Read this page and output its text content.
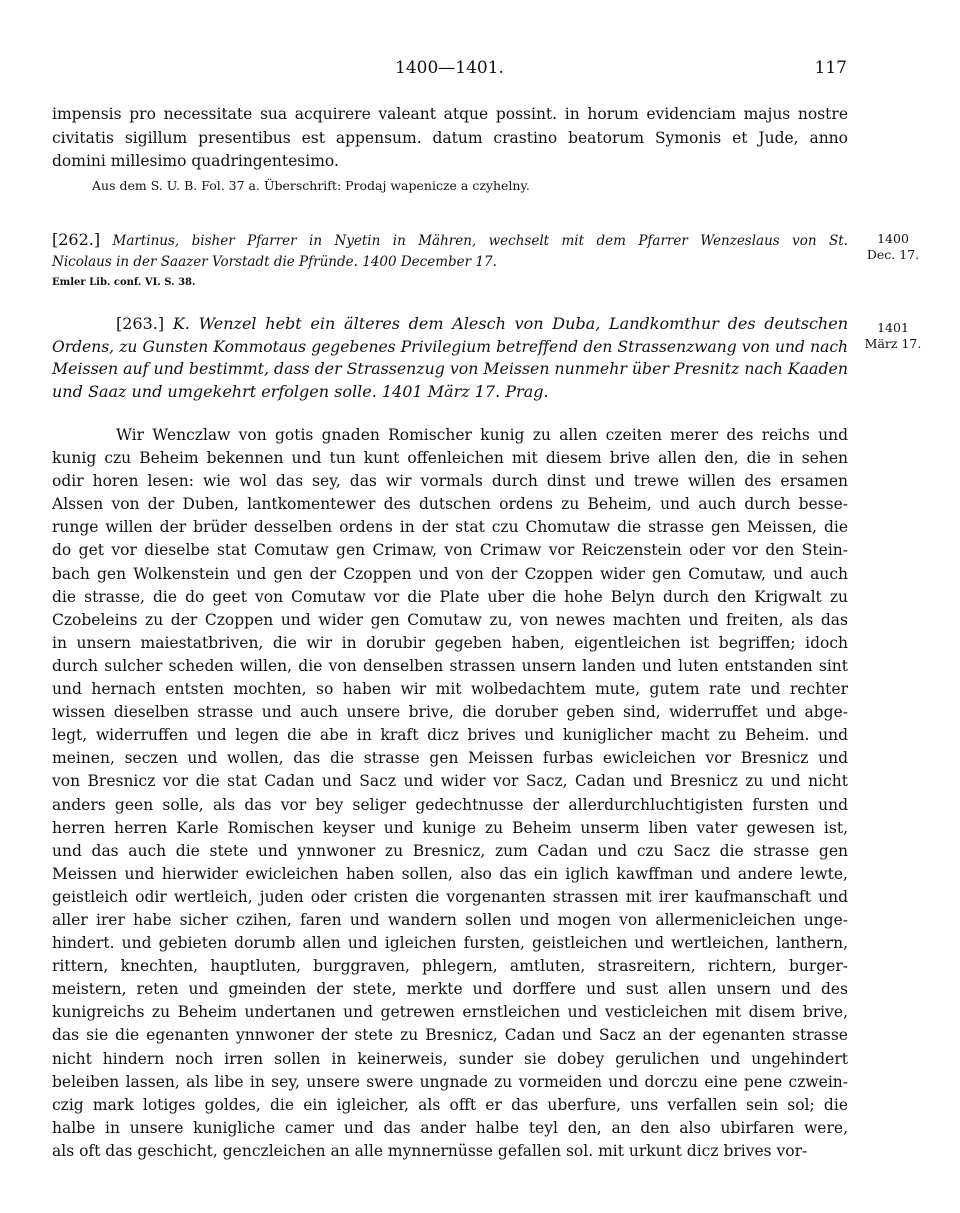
1400—1401.	117
impensis pro necessitate sua acquirere valeant atque possint. in horum evidenciam majus nostre
civitatis sigillum presentibus est appensum. datum crastino beatorum Symonis et Jude, anno
domini millesimo quadringentesimo.
Aus dem S. U. B. Fol. 37 a. Überschrift: Prodaj wapenicze a czyhelny.
[262.] Martinus, bisher Pfarrer in Nyetin in Mähren, wechselt mit dem Pfarrer Wenzeslaus von St.
Nicolaus in der Saazer Vorstadt die Pfründe. 1400 December 17.
1400
Dec. 17.
Emler Lib. conf. VI. S. 38.
[263.] K. Wenzel hebt ein älteres dem Alesch von Duba, Landkomthur des deutschen
Ordens, zu Gunsten Kommotaus gegebenes Privilegium betreffend den Strassenzwang von und nach
Meissen auf und bestimmt, dass der Strassenzug von Meissen nunmehr über Presnitz nach Kaaden
und Saaz und umgekehrt erfolgen solle. 1401 März 17. Prag.
1401
März 17.
Wir Wenczlaw von gotis gnaden Romischer kunig zu allen czeiten merer des reichs und
kunig czu Beheim bekennen und tun kunt offenleichen mit diesem brive allen den, die in sehen
odir horen lesen: wie wol das sey, das wir vormals durch dinst und trewe willen des ersamen
Alssen von der Duben, lantkomentewer des dutschen ordens zu Beheim, und auch durch besse-
runge willen der brüder desselben ordens in der stat czu Chomutaw die strasse gen Meissen, die
do get vor dieselbe stat Comutaw gen Crimaw, von Crimaw vor Reiczenstein oder vor den Stein-
bach gen Wolkenstein und gen der Czoppen und von der Czoppen wider gen Comutaw, und auch
die strasse, die do geet von Comutaw vor die Plate uber die hohe Belyn durch den Krigwalt zu
Czobeleins zu der Czoppen und wider gen Comutaw zu, von newes machten und freiten, als das
in unsern maiestatbriven, die wir in dorubir gegeben haben, eigentleichen ist begriffen; idoch
durch sulcher scheden willen, die von denselben strassen unsern landen und luten entstanden sint
und hernach entsten mochten, so haben wir mit wolbedachtem mute, gutem rate und rechter
wissen dieselben strasse und auch unsere brive, die doruber geben sind, widerruffet und abge-
legt, widerruffen und legen die abe in kraft dicz brives und kuniglicher macht zu Beheim. und
meinen, seczen und wollen, das die strasse gen Meissen furbas ewicleichen vor Bresnicz und
von Bresnicz vor die stat Cadan und Sacz und wider vor Sacz, Cadan und Bresnicz zu und nicht
anders geen solle, als das vor bey seliger gedechtnusse der allerdurchluchtigisten fursten und
herren herren Karle Romischen keyser und kunige zu Beheim unserm liben vater gewesen ist,
und das auch die stete und ynnwoner zu Bresnicz, zum Cadan und czu Sacz die strasse gen
Meissen und hierwider ewicleichen haben sollen, also das ein iglich kawffman und andere lewte,
geistleich odir wertleich, juden oder cristen die vorgenanten strassen mit irer kaufmanschaft und
aller irer habe sicher czihen, faren und wandern sollen und mogen von allermenicleichen unge-
hindert. und gebieten dorumb allen und igleichen fursten, geistleichen und wertleichen, lanthern,
rittern, knechten, hauptluten, burggraven, phlegern, amtluten, strasreitern, richtern, burger-
meistern, reten und gmeinden der stete, merkte und dorffere und sust allen unsern und des
kunigreichs zu Beheim undertanen und getrewen ernstleichen und vesticleichen mit disem brive,
das sie die egenanten ynnwoner der stete zu Bresnicz, Cadan und Sacz an der egenanten strasse
nicht hindern noch irren sollen in keinerweis, sunder sie dobey gerulichen und ungehindert
beleiben lassen, als libe in sey, unsere swere ungnade zu vormeiden und dorczu eine pene czwein-
czig mark lotiges goldes, die ein igleicher, als offt er das uberfure, uns verfallen sein sol; die
halbe in unsere kunigliche camer und das ander halbe teyl den, an den also ubirfaren were,
als oft das geschicht, genczleichen an alle mynnernüsse gefallen sol. mit urkunt dicz brives vor-
